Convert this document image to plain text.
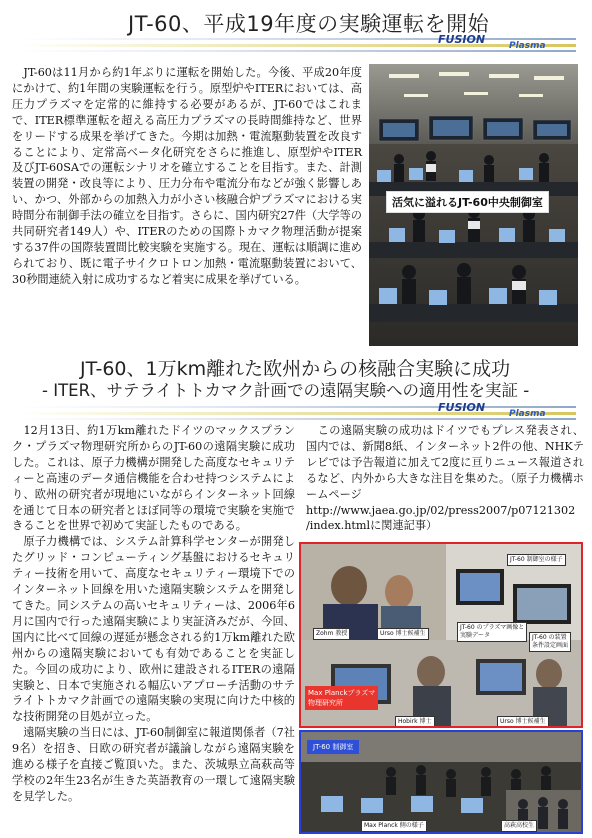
JT-60、平成19年度の実験運転を開始
FUSION	Plasma
　JT-60は11月から約1年ぶりに運転を開始した。今後、平成20年度にかけて、約1年間の実験運転を行う。原型炉やITERにおいては、高圧力プラズマを定常的に維持する必要があるが、JT-60ではこれまで、ITER標準運転を超える高圧力プラズマの長時間維持など、世界をリードする成果を挙げてきた。今期は加熱・電流駆動装置を改良することにより、定常高ベータ化研究をさらに推進し、原型炉やITER及びJT-60SAでの運転シナリオを確立することを目指す。また、計測装置の開発・改良等により、圧力分布や電流分布などが強く影響しあい、かつ、外部からの加熱入力が小さい核融合炉プラズマにおける実時間分布制御手法の確立を目指す。さらに、国内研究27件（大学等の共同研究者149人）や、ITERのための国際トカマク物理活動が提案する37件の国際装置間比較実験を実施する。現在、運転は順調に進められており、既に電子サイクロトロン加熱・電流駆動装置において、30秒間連続入射に成功するなど着実に成果を挙げている。
活気に溢れるJT-60中央制御室
JT-60、1万km離れた欧州からの核融合実験に成功
- ITER、サテライトトカマク計画での遠隔実験への適用性を実証 -
FUSION	Plasma
　12月13日、約1万km離れたドイツのマックスプランク・プラズマ物理研究所からのJT-60の遠隔実験に成功した。これは、原子力機構が開発した高度なセキュリティーと高速のデータ通信機能を合わせ持つシステムにより、欧州の研究者が現地にいながらインターネット回線を通じて日本の研究者とほぼ同等の環境で実験を実施できることを世界で初めて実証したものである。
　原子力機構では、システム計算科学センターが開発したグリッド・コンピューティング基盤におけるセキュリティー技術を用いて、高度なセキュリティー環境下でのインターネット回線を用いた遠隔実験システムを開発してきた。同システムの高いセキュリティーは、2006年6月に国内で行った遠隔実験により実証済みだが、今回、国内に比べて回線の遅延が懸念される約1万km離れた欧州からの遠隔実験においても有効であることを実証した。今回の成功により、欧州に建設されるITERの遠隔実験と、日本で実施される幅広いアプローチ活動のサテライトトカマク計画での遠隔実験の実現に向けた中核的な技術開発の目処が立った。
　遠隔実験の当日には、JT-60制御室に報道関係者（7社9名）を招き、日欧の研究者が議論しながら遠隔実験を進める様子を直接ご覧頂いた。また、茨城県立高萩高等学校の2年生23名が生きた英語教育の一環して遠隔実験を見学した。
　この遠隔実験の成功はドイツでもプレス発表され、国内では、新聞8紙、インターネット2件の他、NHKテレビでは予告報道に加えて2度に亘りニュース報道されるなど、内外から大きな注目を集めた。（原子力機構ホームページ
http://www.jaea.go.jp/02/press2007/p07121302
/index.htmlに関連記事）
JT-60 制御室の様子
Zohm 教授	Urso 博士候補生
JT-60 のプラズマ画像と
実験データ	JT-60 の装置
条件設定画面
Max Planckプラズマ
物理研究所
Hobirk 博士	Urso 博士候補生
JT-60 制御室
Max Planck 側の様子	高萩高校生
